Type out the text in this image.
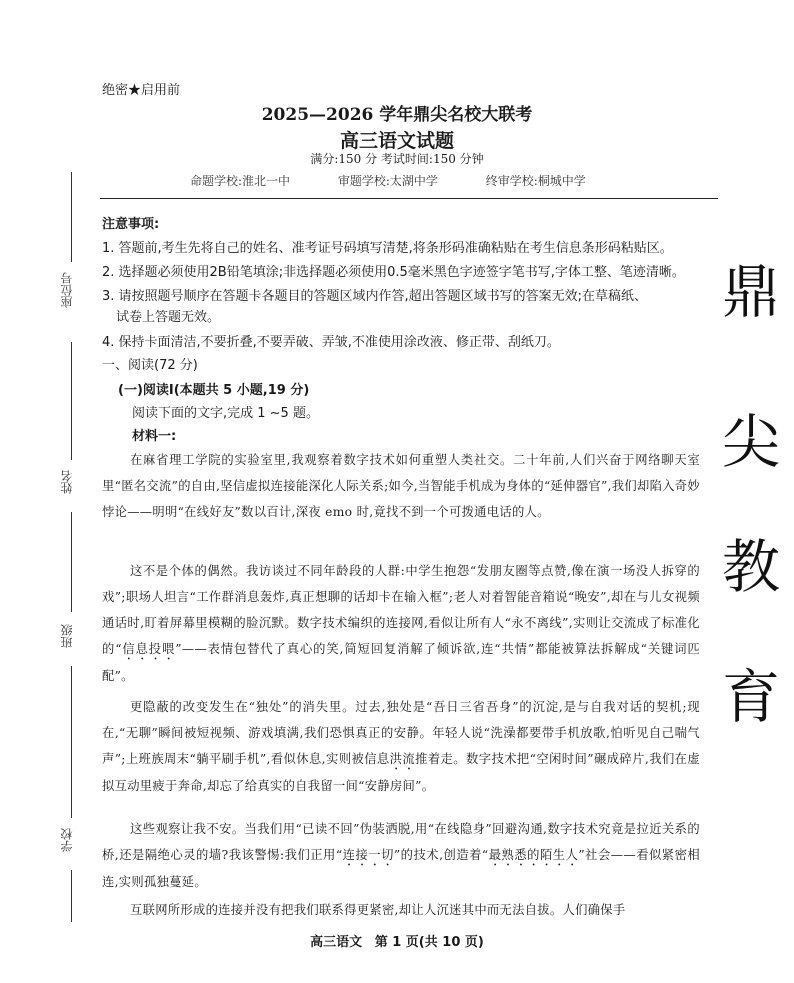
座位号
姓名
班级
学校
绝密★启用前
2025—2026 学年鼎尖名校大联考
高三语文试题
满分:150 分 考试时间:150 分钟
命题学校:淮北一中	审题学校:太湖中学	终审学校:桐城中学
注意事项:
1. 答题前,考生先将自己的姓名、准考证号码填写清楚,将条形码准确粘贴在考生信息条形码粘贴区。
2. 选择题必须使用2B铅笔填涂;非选择题必须使用0.5毫米黑色字迹签字笔书写,字体工整、笔迹清晰。
3. 请按照题号顺序在答题卡各题目的答题区域内作答,超出答题区域书写的答案无效;在草稿纸、
试卷上答题无效。
4. 保持卡面清洁,不要折叠,不要弄破、弄皱,不准使用涂改液、修正带、刮纸刀。
一、阅读(72 分)
(一)阅读Ⅰ(本题共 5 小题,19 分)
阅读下面的文字,完成 1 ~5 题。
材料一:
在麻省理工学院的实验室里,我观察着数字技术如何重塑人类社交。二十年前,人们兴奋于网络聊天室里“匿名交流”的自由,坚信虚拟连接能深化人际关系;如今,当智能手机成为身体的“延伸器官”,我们却陷入奇妙悖论——明明“在线好友”数以百计,深夜 emo 时,竟找不到一个可拨通电话的人。
这不是个体的偶然。我访谈过不同年龄段的人群:中学生抱怨“发朋友圈等点赞,像在演一场没人拆穿的戏”;职场人坦言“工作群消息轰炸,真正想聊的话却卡在输入框”;老人对着智能音箱说“晚安”,却在与儿女视频通话时,盯着屏幕里模糊的脸沉默。数字技术编织的连接网,看似让所有人“永不离线”,实则让交流成了标准化的“信息投喂”——表情包替代了真心的笑,简短回复消解了倾诉欲,连“共情”都能被算法拆解成“关键词匹配”。
更隐蔽的改变发生在“独处”的消失里。过去,独处是“吾日三省吾身”的沉淀,是与自我对话的契机;现在,“无聊”瞬间被短视频、游戏填满,我们恐惧真正的安静。年轻人说“洗澡都要带手机放歌,怕听见自己喘气声”;上班族周末“躺平刷手机”,看似休息,实则被信息洪流推着走。数字技术把“空闲时间”碾成碎片,我们在虚拟互动里疲于奔命,却忘了给真实的自我留一间“安静房间”。
这些观察让我不安。当我们用“已读不回”伪装洒脱,用“在线隐身”回避沟通,数字技术究竟是拉近关系的桥,还是隔绝心灵的墙?我该警惕:我们正用“连接一切”的技术,创造着“最熟悉的陌生人”社会——看似紧密相连,实则孤独蔓延。
互联网所形成的连接并没有把我们联系得更紧密,却让人沉迷其中而无法自拔。人们确保手
鼎
尖
教
育
高三语文 第 1 页(共 10 页)
